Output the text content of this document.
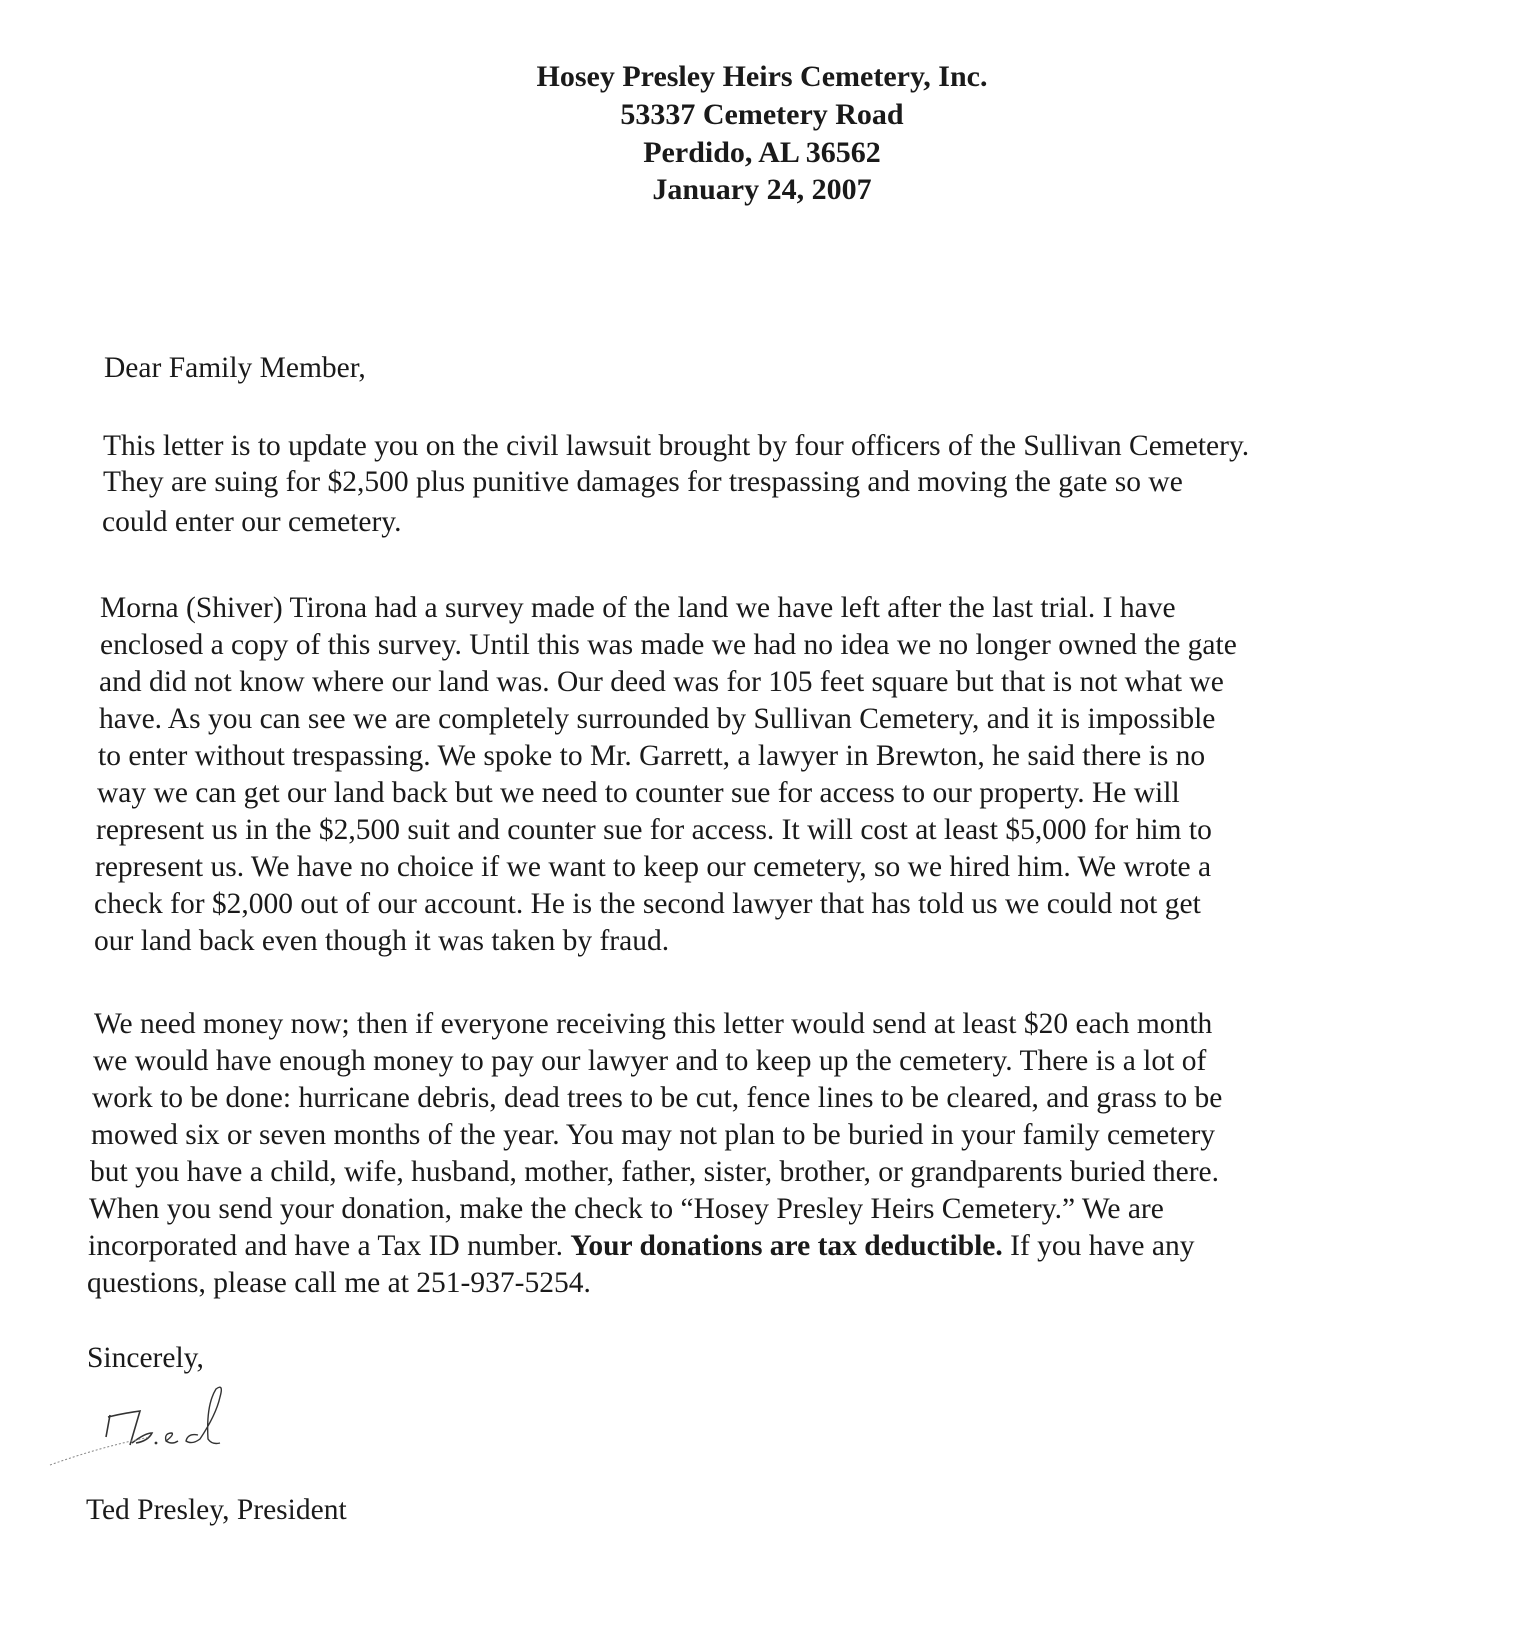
Hosey Presley Heirs Cemetery, Inc.
53337 Cemetery Road
Perdido, AL 36562
January 24, 2007
Dear Family Member,
This letter is to update you on the civil lawsuit brought by four officers of the Sullivan Cemetery.
They are suing for $2,500 plus punitive damages for trespassing and moving the gate so we
could enter our cemetery.
Morna (Shiver) Tirona had a survey made of the land we have left after the last trial. I have
enclosed a copy of this survey. Until this was made we had no idea we no longer owned the gate
and did not know where our land was. Our deed was for 105 feet square but that is not what we
have. As you can see we are completely surrounded by Sullivan Cemetery, and it is impossible
to enter without trespassing. We spoke to Mr. Garrett, a lawyer in Brewton, he said there is no
way we can get our land back but we need to counter sue for access to our property. He will
represent us in the $2,500 suit and counter sue for access. It will cost at least $5,000 for him to
represent us. We have no choice if we want to keep our cemetery, so we hired him. We wrote a
check for $2,000 out of our account. He is the second lawyer that has told us we could not get
our land back even though it was taken by fraud.
We need money now; then if everyone receiving this letter would send at least $20 each month
we would have enough money to pay our lawyer and to keep up the cemetery. There is a lot of
work to be done: hurricane debris, dead trees to be cut, fence lines to be cleared, and grass to be
mowed six or seven months of the year. You may not plan to be buried in your family cemetery
but you have a child, wife, husband, mother, father, sister, brother, or grandparents buried there.
When you send your donation, make the check to “Hosey Presley Heirs Cemetery.” We are
incorporated and have a Tax ID number. Your donations are tax deductible. If you have any
questions, please call me at 251-937-5254.
Sincerely,
Ted Presley, President
